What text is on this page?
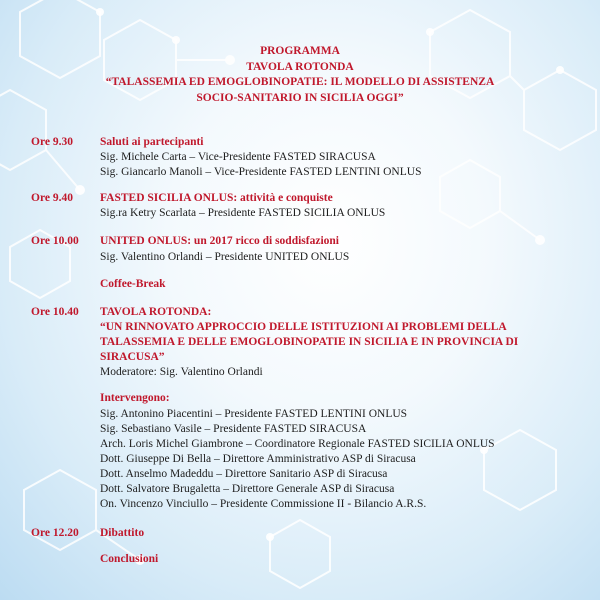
PROGRAMMA
TAVOLA ROTONDA
“TALASSEMIA ED EMOGLOBINOPATIE: IL MODELLO DI ASSISTENZA
SOCIO-SANITARIO IN SICILIA OGGI”
Ore 9.30 Saluti ai partecipanti
Sig. Michele Carta – Vice-Presidente FASTED SIRACUSA
Sig. Giancarlo Manoli – Vice-Presidente FASTED LENTINI ONLUS
Ore 9.40 FASTED SICILIA ONLUS: attività e conquiste
Sig.ra Ketry Scarlata – Presidente FASTED SICILIA ONLUS
Ore 10.00 UNITED ONLUS: un 2017 ricco di soddisfazioni
Sig. Valentino Orlandi – Presidente UNITED ONLUS
Coffee-Break
Ore 10.40 TAVOLA ROTONDA:
“UN RINNOVATO APPROCCIO DELLE ISTITUZIONI AI PROBLEMI DELLA
TALASSEMIA E DELLE EMOGLOBINOPATIE IN SICILIA E IN PROVINCIA DI
SIRACUSA”
Moderatore: Sig. Valentino Orlandi
Intervengono:
Sig. Antonino Piacentini – Presidente FASTED LENTINI ONLUS
Sig. Sebastiano Vasile – Presidente FASTED SIRACUSA
Arch. Loris Michel Giambrone – Coordinatore Regionale FASTED SICILIA ONLUS
Dott. Giuseppe Di Bella – Direttore Amministrativo ASP di Siracusa
Dott. Anselmo Madeddu – Direttore Sanitario ASP di Siracusa
Dott. Salvatore Brugaletta – Direttore Generale ASP di Siracusa
On. Vincenzo Vinciullo – Presidente Commissione II - Bilancio A.R.S.
Ore 12.20 Dibattito
Conclusioni
